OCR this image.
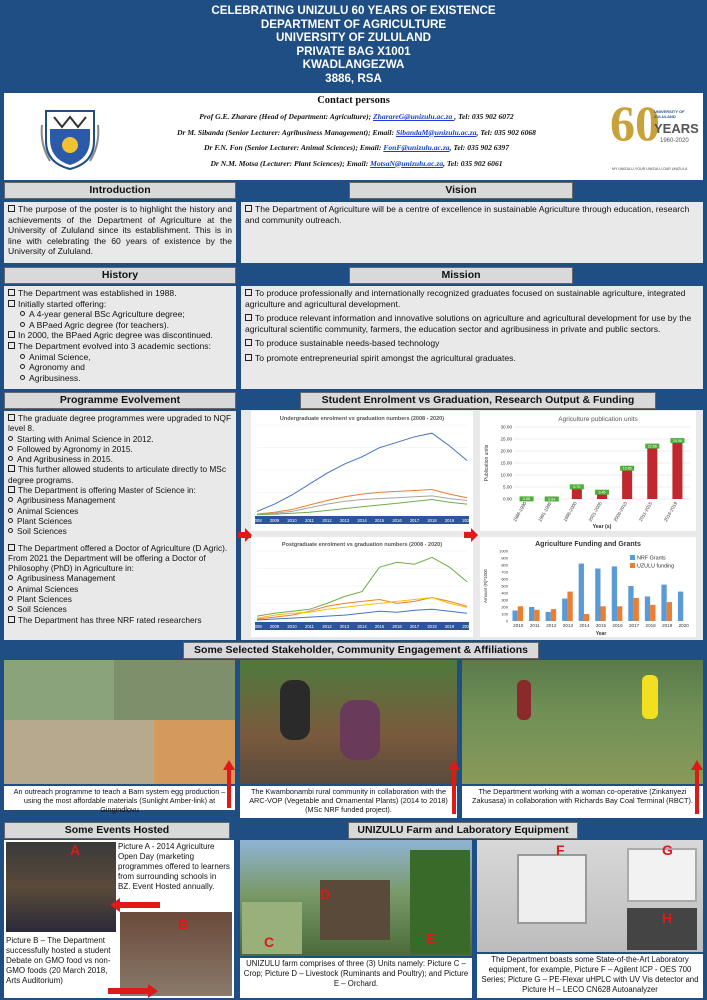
CELEBRATING UNIZULU 60 YEARS OF EXISTENCE
DEPARTMENT OF AGRICULTURE
UNIVERSITY OF ZULULAND
PRIVATE BAG X1001
KWADLANGEZWA
3886, RSA
Contact persons
Prof G.E. Zharare (Head of Department: Agriculture); ZharareG@unizulu.ac.za , Tel: 035 902 6072
Dr M. Sibanda (Senior Lecturer: Agribusiness Management); Email: SibandaM@unizulu.ac.za, Tel: 035 902 6068
Dr F.N. Fon (Senior Lecturer: Animal Sciences); Email: FonF@unizulu.ac.za, Tel: 035 902 6397
Dr N.M. Motsa (Lecturer: Plant Sciences); Email: MotsaN@unizulu.ac.za, Tel: 035 902 6061
60
UNIVERSITY OF ZULULAND
YEARS
1960-2020
MY UNIZULU,YOUR UNIZULU,OUR UNIZULU
Introduction

The purpose of the poster is to highlight the history and achievements of the Department of Agriculture at the University of Zululand since its establishment. This is in line with celebrating the 60 years of existence by the University of Zululand.

Vision

The Department of Agriculture will be a centre of excellence in sustainable Agriculture through education, research and community outreach.

History

The Department was established in 1988.

Initially started offering:

A 4-year general BSc Agriculture degree;

A BPaed Agric degree (for teachers).

In 2000, the BPaed Agric degree was discontinued.

The Department evolved into 3 academic sections:

Animal Science,

Agronomy and

Agribusiness.

Mission

To produce professionally and internationally recognized graduates focused on sustainable agriculture, integrated agriculture and agricultural development.

To produce relevant information and innovative solutions on agriculture and agricultural development for use by the agricultural scientific community, farmers, the education sector and agribusiness in private and public sectors.

To produce sustainable needs-based technology

To promote entrepreneurial spirit amongst the agricultural graduates.

Programme Evolvement

The graduate degree programmes were upgraded to NQF level 8.

Starting with Animal Science in 2012.

Followed by Agronomy in 2015.

And Agribusiness in 2015.

This further allowed students to articulate directly to MSc degree programs.

The Department is offering Master of Science in:

Agribusiness Management

Animal Sciences

Plant Sciences

Soil Sciences

The Department offered a Doctor of Agriculture (D Agric). From 2021 the Department will be offering a Doctor of Philosophy (PhD) in Agriculture in:

Agribusiness Management

Animal Sciences

Plant Sciences

Soil Sciences

The Department has three NRF rated researchers

Student Enrolment vs Graduation, Research Output & Funding
Undergraduate enrolment vs graduation numbers (2008 - 2020)
2008 2009 2010 2011 2012 2013 2014 2015 2016 2017 2018 2019 2020
Agriculture publication units
0.00
5.00
10.00
15.00
20.00
25.00
30.00
0.68
1986-1990
0.64
1991-1995
5.70
1996-2000
3.45
2001-2005
13.45
2006-2010
22.66
2011-2015
24.96
2016-2019
Year (s)
Publication units
Postgraduate enrolment vs graduation numbers (2008 - 2020)
2008 2009 2010 2011 2012 2013 2014 2015 2016 2017 2018 2019 2020
Agriculture Funding and Grants
0
100
200
300
400
500
600
700
800
900
1000
NRF Grants
UZULU funding
2010 2011 2012 2013 2014 2015 2016 2017 2018 2019 2020
Year
Amount (R)*1000
Some Selected Stakeholder, Community Engagement & Affiliations
An outreach programme to teach a Barn system egg production – using the most affordable materials (Sunlight Amber-link) at Gingindlovu
The Kwambonambi rural community in collaboration with the ARC-VOP (Vegetable and Ornamental Plants) (2014 to 2018) (MSc NRF funded project).
The Department working with a woman co-operative (Zinkanyezi Zakusasa) in collaboration with Richards Bay Coal Terminal (RBCT).
Some Events Hosted
A	Picture A - 2014 Agriculture Open Day (marketing programmes offered to learners from surrounding schools in BZ. Event Hosted annually.
B
Picture B – The Department successfully hosted a student Debate on GMO food vs non-GMO foods (20 March 2018, Arts Auditorium)
UNIZULU Farm and Laboratory Equipment
C
D
E
UNIZULU farm comprises of three (3) Units namely: Picture C – Crop; Picture D – Livestock (Ruminants and Poultry); and Picture E – Orchard.
F	G
H
The Department boasts some State-of-the-Art Laboratory equipment, for example, Picture F – Agilent ICP - OES 700 Series; Picture G – PE-Flexar uHPLC with UV Vis detector and Picture H – LECO CN628 Autoanalyzer
